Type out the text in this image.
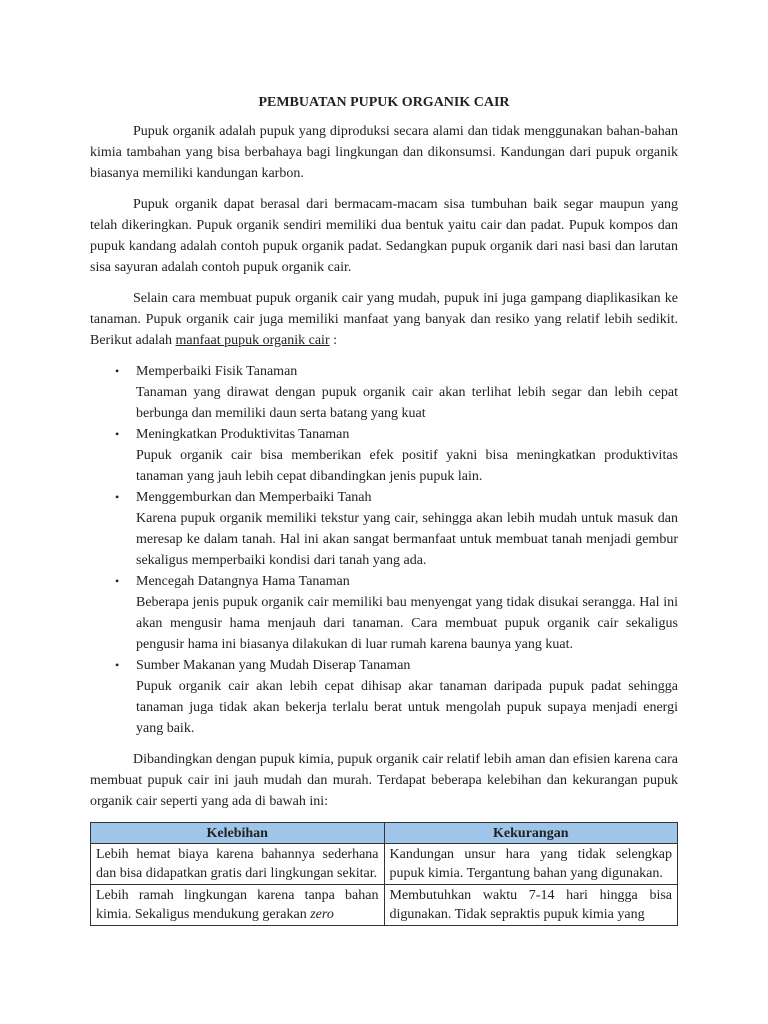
PEMBUATAN PUPUK ORGANIK CAIR

Pupuk organik adalah pupuk yang diproduksi secara alami dan tidak menggunakan bahan-bahan kimia tambahan yang bisa berbahaya bagi lingkungan dan dikonsumsi. Kandungan dari pupuk organik biasanya memiliki kandungan karbon.

Pupuk organik dapat berasal dari bermacam-macam sisa tumbuhan baik segar maupun yang telah dikeringkan. Pupuk organik sendiri memiliki dua bentuk yaitu cair dan padat. Pupuk kompos dan pupuk kandang adalah contoh pupuk organik padat. Sedangkan pupuk organik dari nasi basi dan larutan sisa sayuran adalah contoh pupuk organik cair.

Selain cara membuat pupuk organik cair yang mudah, pupuk ini juga gampang diaplikasikan ke tanaman. Pupuk organik cair juga memiliki manfaat yang banyak dan resiko yang relatif lebih sedikit. Berikut adalah manfaat pupuk organik cair :

• Memperbaiki Fisik Tanaman
Tanaman yang dirawat dengan pupuk organik cair akan terlihat lebih segar dan lebih cepat berbunga dan memiliki daun serta batang yang kuat
• Meningkatkan Produktivitas Tanaman
Pupuk organik cair bisa memberikan efek positif yakni bisa meningkatkan produktivitas tanaman yang jauh lebih cepat dibandingkan jenis pupuk lain.
• Menggemburkan dan Memperbaiki Tanah
Karena pupuk organik memiliki tekstur yang cair, sehingga akan lebih mudah untuk masuk dan meresap ke dalam tanah. Hal ini akan sangat bermanfaat untuk membuat tanah menjadi gembur sekaligus memperbaiki kondisi dari tanah yang ada.
• Mencegah Datangnya Hama Tanaman
Beberapa jenis pupuk organik cair memiliki bau menyengat yang tidak disukai serangga. Hal ini akan mengusir hama menjauh dari tanaman. Cara membuat pupuk organik cair sekaligus pengusir hama ini biasanya dilakukan di luar rumah karena baunya yang kuat.
• Sumber Makanan yang Mudah Diserap Tanaman
Pupuk organik cair akan lebih cepat dihisap akar tanaman daripada pupuk padat sehingga tanaman juga tidak akan bekerja terlalu berat untuk mengolah pupuk supaya menjadi energi yang baik.

Dibandingkan dengan pupuk kimia, pupuk organik cair relatif lebih aman dan efisien karena cara membuat pupuk cair ini jauh mudah dan murah. Terdapat beberapa kelebihan dan kekurangan pupuk organik cair seperti yang ada di bawah ini:

Kelebihan	Kekurangan
Lebih hemat biaya karena bahannya sederhana dan bisa didapatkan gratis dari lingkungan sekitar.	Kandungan unsur hara yang tidak selengkap pupuk kimia. Tergantung bahan yang digunakan.
Lebih ramah lingkungan karena tanpa bahan kimia. Sekaligus mendukung gerakan zero	Membutuhkan waktu 7-14 hari hingga bisa digunakan. Tidak sepraktis pupuk kimia yang
